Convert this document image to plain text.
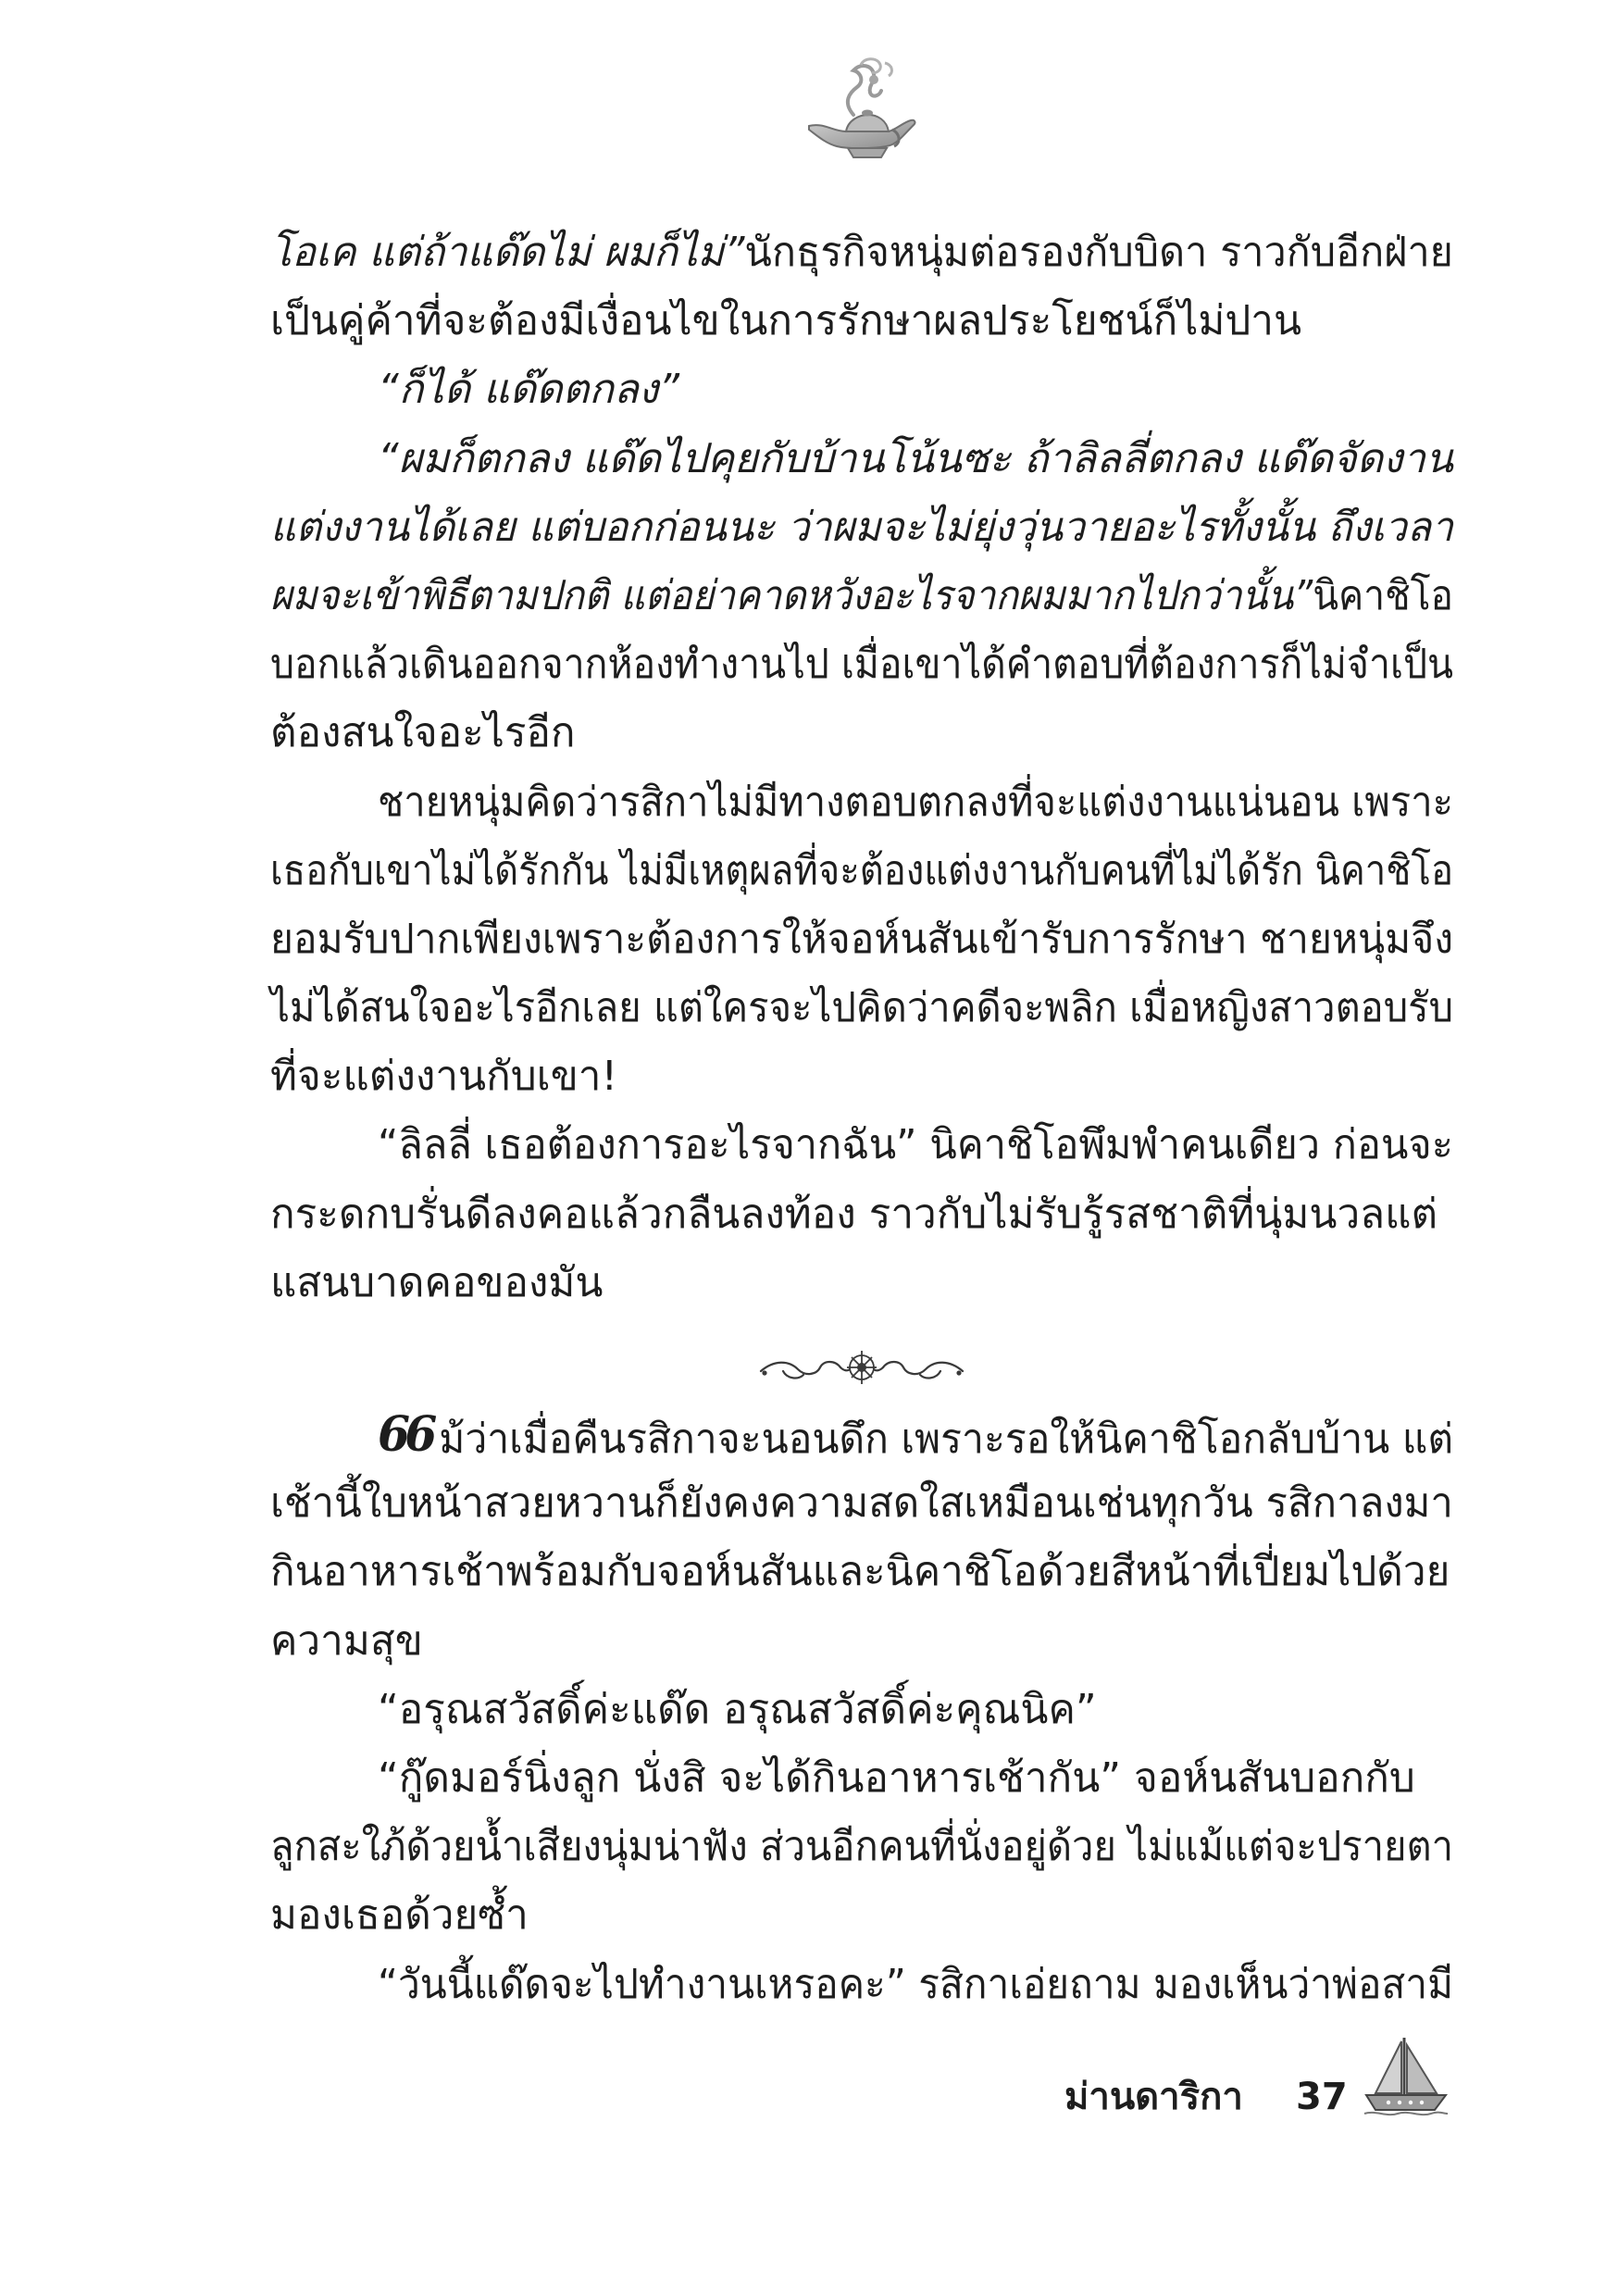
โอเค แต่ถ้าแด๊ดไม่ ผมก็ไม่”นักธุรกิจหนุ่มต่อรองกับบิดา ราวกับอีกฝ่าย
เป็นคู่ค้าที่จะต้องมีเงื่อนไขในการรักษาผลประโยชน์ก็ไม่ปาน
“ก็ได้ แด๊ดตกลง”
“ผมก็ตกลง แด๊ดไปคุยกับบ้านโน้นซะ ถ้าลิลลี่ตกลง แด๊ดจัดงาน
แต่งงานได้เลย แต่บอกก่อนนะ ว่าผมจะไม่ยุ่งวุ่นวายอะไรทั้งนั้น ถึงเวลา
ผมจะเข้าพิธีตามปกติ แต่อย่าคาดหวังอะไรจากผมมากไปกว่านั้น”นิคาชิโอ
บอกแล้วเดินออกจากห้องทำงานไป เมื่อเขาได้คำตอบที่ต้องการก็ไม่จำเป็น
ต้องสนใจอะไรอีก
ชายหนุ่มคิดว่ารสิกาไม่มีทางตอบตกลงที่จะแต่งงานแน่นอน เพราะ
เธอกับเขาไม่ได้รักกัน ไม่มีเหตุผลที่จะต้องแต่งงานกับคนที่ไม่ได้รัก นิคาชิโอ
ยอมรับปากเพียงเพราะต้องการให้จอห์นสันเข้ารับการรักษา ชายหนุ่มจึง
ไม่ได้สนใจอะไรอีกเลย แต่ใครจะไปคิดว่าคดีจะพลิก เมื่อหญิงสาวตอบรับ
ที่จะแต่งงานกับเขา!
“ลิลลี่ เธอต้องการอะไรจากฉัน” นิคาชิโอพึมพำคนเดียว ก่อนจะ
กระดกบรั่นดีลงคอแล้วกลืนลงท้อง ราวกับไม่รับรู้รสชาติที่นุ่มนวลแต่
แสนบาดคอของมัน
66 ม้ว่าเมื่อคืนรสิกาจะนอนดึก เพราะรอให้นิคาชิโอกลับบ้าน แต่
เช้านี้ใบหน้าสวยหวานก็ยังคงความสดใสเหมือนเช่นทุกวัน รสิกาลงมา
กินอาหารเช้าพร้อมกับจอห์นสันและนิคาชิโอด้วยสีหน้าที่เปี่ยมไปด้วย
ความสุข
“อรุณสวัสดิ์ค่ะแด๊ด อรุณสวัสดิ์ค่ะคุณนิค”
“กู๊ดมอร์นิ่งลูก นั่งสิ จะได้กินอาหารเช้ากัน” จอห์นสันบอกกับ
ลูกสะใภ้ด้วยน้ำเสียงนุ่มน่าฟัง ส่วนอีกคนที่นั่งอยู่ด้วย ไม่แม้แต่จะปรายตา
มองเธอด้วยซ้ำ
“วันนี้แด๊ดจะไปทำงานเหรอคะ” รสิกาเอ่ยถาม มองเห็นว่าพ่อสามี
ม่านดาริกา 37
